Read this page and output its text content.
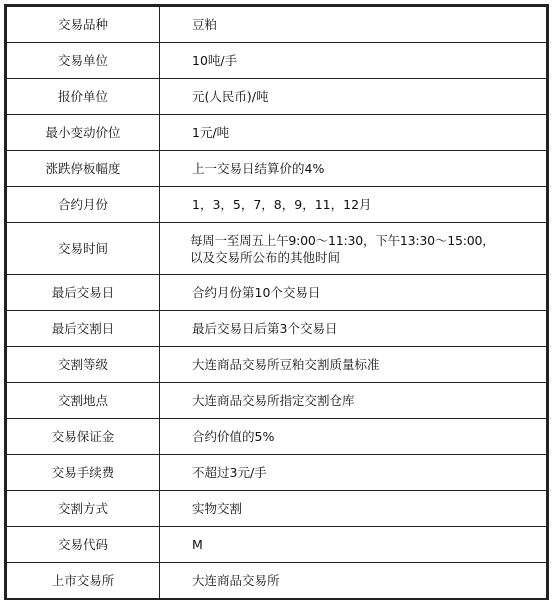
交易品种	豆粕
交易单位	10吨/手
报价单位	元(人民币)/吨
最小变动价位	1元/吨
涨跌停板幅度	上一交易日结算价的4%
合约月份	1，3，5，7，8，9，11，12月
交易时间	每周一至周五上午9:00～11:30，下午13:30～15:00，
以及交易所公布的其他时间

最后交易日	合约月份第10个交易日
最后交割日	最后交易日后第3个交易日
交割等级	大连商品交易所豆粕交割质量标准
交割地点	大连商品交易所指定交割仓库
交易保证金	合约价值的5%
交易手续费	不超过3元/手
交割方式	实物交割
交易代码	M
上市交易所	大连商品交易所
